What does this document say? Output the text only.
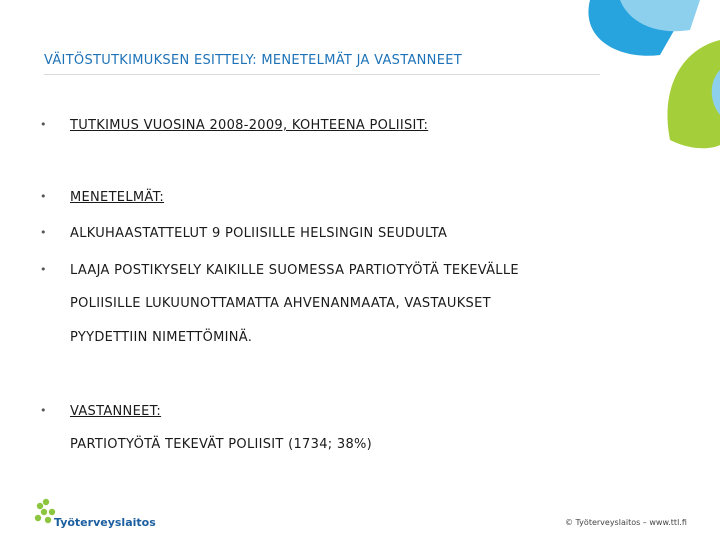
VÄITÖSTUTKIMUKSEN ESITTELY: MENETELMÄT JA VASTANNEET
•	TUTKIMUS VUOSINA 2008-2009, KOHTEENA POLIISIT:
•	MENETELMÄT:
•	ALKUHAASTATTELUT 9 POLIISILLE HELSINGIN SEUDULTA
•	LAAJA POSTIKYSELY KAIKILLE SUOMESSA PARTIOTYÖTÄ TEKEVÄLLE
POLIISILLE LUKUUNOTTAMATTA AHVENANMAATA, VASTAUKSET
PYYDETTIIN NIMETTÖMINÄ.
•	VASTANNEET:
PARTIOTYÖTÄ TEKEVÄT POLIISIT (1734; 38%)
Työterveyslaitos	© Työterveyslaitos – www.ttl.fi
